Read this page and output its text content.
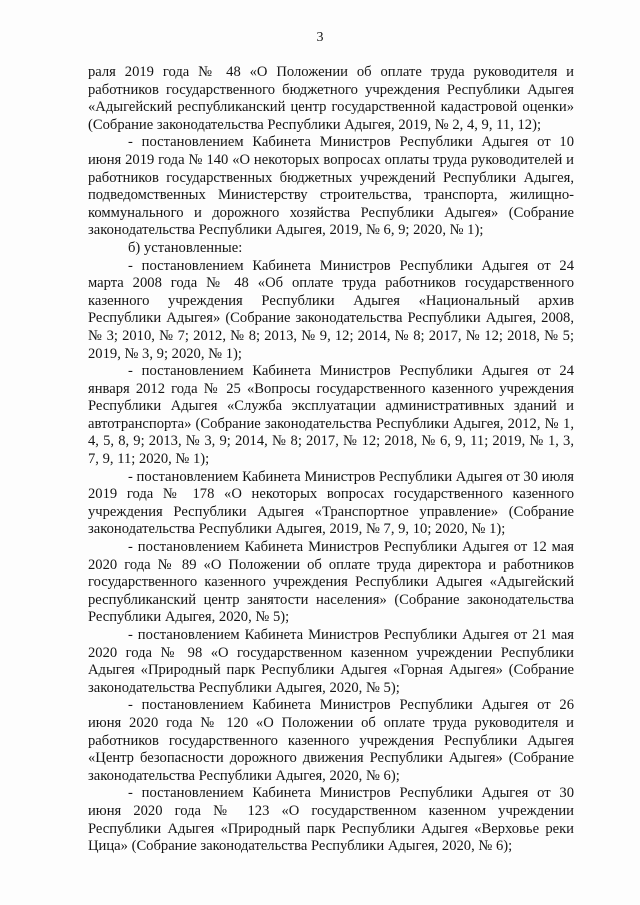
3

раля 2019 года № 48 «О Положении об оплате труда руководителя и работников государственного бюджетного учреждения Республики Адыгея «Адыгейский республиканский центр государственной кадастровой оценки» (Собрание законодательства Республики Адыгея, 2019, № 2, 4, 9, 11, 12);

- постановлением Кабинета Министров Республики Адыгея от 10 июня 2019 года № 140 «О некоторых вопросах оплаты труда руководителей и работников государственных бюджетных учреждений Республики Адыгея, подведомственных Министерству строительства, транспорта, жилищно-коммунального и дорожного хозяйства Республики Адыгея» (Собрание законодательства Республики Адыгея, 2019, № 6, 9; 2020, № 1);

б) установленные:

- постановлением Кабинета Министров Республики Адыгея от 24 марта 2008 года № 48 «Об оплате труда работников государственного казенного учреждения Республики Адыгея «Национальный архив Республики Адыгея» (Собрание законодательства Республики Адыгея, 2008, № 3; 2010, № 7; 2012, № 8; 2013, № 9, 12; 2014, № 8; 2017, № 12; 2018, № 5; 2019, № 3, 9; 2020, № 1);

- постановлением Кабинета Министров Республики Адыгея от 24 января 2012 года № 25 «Вопросы государственного казенного учреждения Республики Адыгея «Служба эксплуатации административных зданий и автотранспорта» (Собрание законодательства Республики Адыгея, 2012, № 1, 4, 5, 8, 9; 2013, № 3, 9; 2014, № 8; 2017, № 12; 2018, № 6, 9, 11; 2019, № 1, 3, 7, 9, 11; 2020, № 1);

- постановлением Кабинета Министров Республики Адыгея от 30 июля 2019 года № 178 «О некоторых вопросах государственного казенного учреждения Республики Адыгея «Транспортное управление» (Собрание законодательства Республики Адыгея, 2019, № 7, 9, 10; 2020, № 1);

- постановлением Кабинета Министров Республики Адыгея от 12 мая 2020 года № 89 «О Положении об оплате труда директора и работников государственного казенного учреждения Республики Адыгея «Адыгейский республиканский центр занятости населения» (Собрание законодательства Республики Адыгея, 2020, № 5);

- постановлением Кабинета Министров Республики Адыгея от 21 мая 2020 года № 98 «О государственном казенном учреждении Республики Адыгея «Природный парк Республики Адыгея «Горная Адыгея» (Собрание законодательства Республики Адыгея, 2020, № 5);

- постановлением Кабинета Министров Республики Адыгея от 26 июня 2020 года № 120 «О Положении об оплате труда руководителя и работников государственного казенного учреждения Республики Адыгея «Центр безопасности дорожного движения Республики Адыгея» (Собрание законодательства Республики Адыгея, 2020, № 6);

- постановлением Кабинета Министров Республики Адыгея от 30 июня 2020 года № 123 «О государственном казенном учреждении Республики Адыгея «Природный парк Республики Адыгея «Верховье реки Цица» (Собрание законодательства Республики Адыгея, 2020, № 6);
